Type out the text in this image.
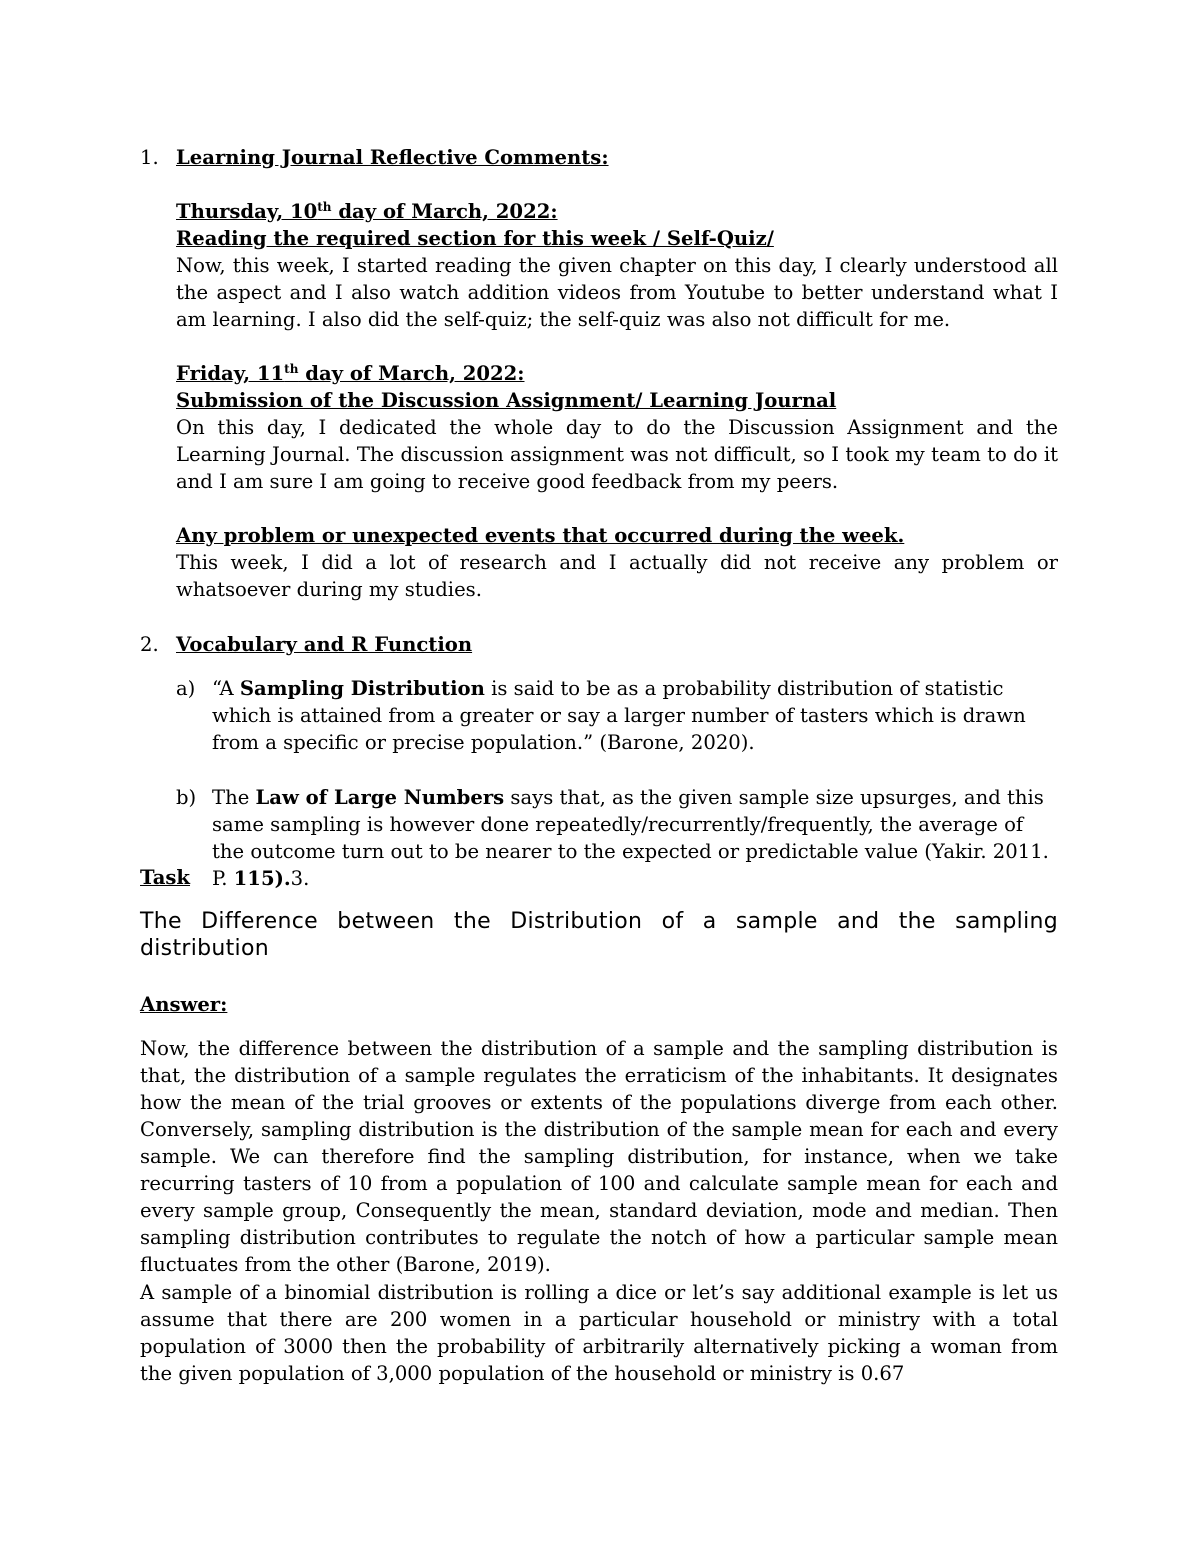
1. Learning Journal Reflective Comments:
Thursday, 10th day of March, 2022:
Reading the required section for this week / Self-Quiz/

Now, this week, I started reading the given chapter on this day, I clearly understood all the aspect and I also watch addition videos from Youtube to better understand what I am learning. I also did the self-quiz; the self-quiz was also not difficult for me.

Friday, 11th day of March, 2022:
Submission of the Discussion Assignment/ Learning Journal

On this day, I dedicated the whole day to do the Discussion Assignment and the Learning Journal. The discussion assignment was not difficult, so I took my team to do it and I am sure I am going to receive good feedback from my peers.

Any problem or unexpected events that occurred during the week.

This week, I did a lot of research and I actually did not receive any problem or whatsoever during my studies.

2. Vocabulary and R Function
a) “A Sampling Distribution is said to be as a probability distribution of statistic which is attained from a greater or say a larger number of tasters which is drawn from a specific or precise population.” (Barone, 2020).

b) The Law of Large Numbers says that, as the given sample size upsurges, and this same sampling is however done repeatedly/recurrently/frequently, the average of the outcome turn out to be nearer to the expected or predictable value (Yakir. 2011. P. 115).3.

Task
The Difference between the Distribution of a sample and the sampling distribution
Answer:

Now, the difference between the distribution of a sample and the sampling distribution is that, the distribution of a sample regulates the erraticism of the inhabitants. It designates how the mean of the trial grooves or extents of the populations diverge from each other. Conversely, sampling distribution is the distribution of the sample mean for each and every sample. We can therefore find the sampling distribution, for instance, when we take recurring tasters of 10 from a population of 100 and calculate sample mean for each and every sample group, Consequently the mean, standard deviation, mode and median. Then sampling distribution contributes to regulate the notch of how a particular sample mean fluctuates from the other (Barone, 2019).

A sample of a binomial distribution is rolling a dice or let’s say additional example is let us assume that there are 200 women in a particular household or ministry with a total population of 3000 then the probability of arbitrarily alternatively picking a woman from the given population of 3,000 population of the household or ministry is 0.67
